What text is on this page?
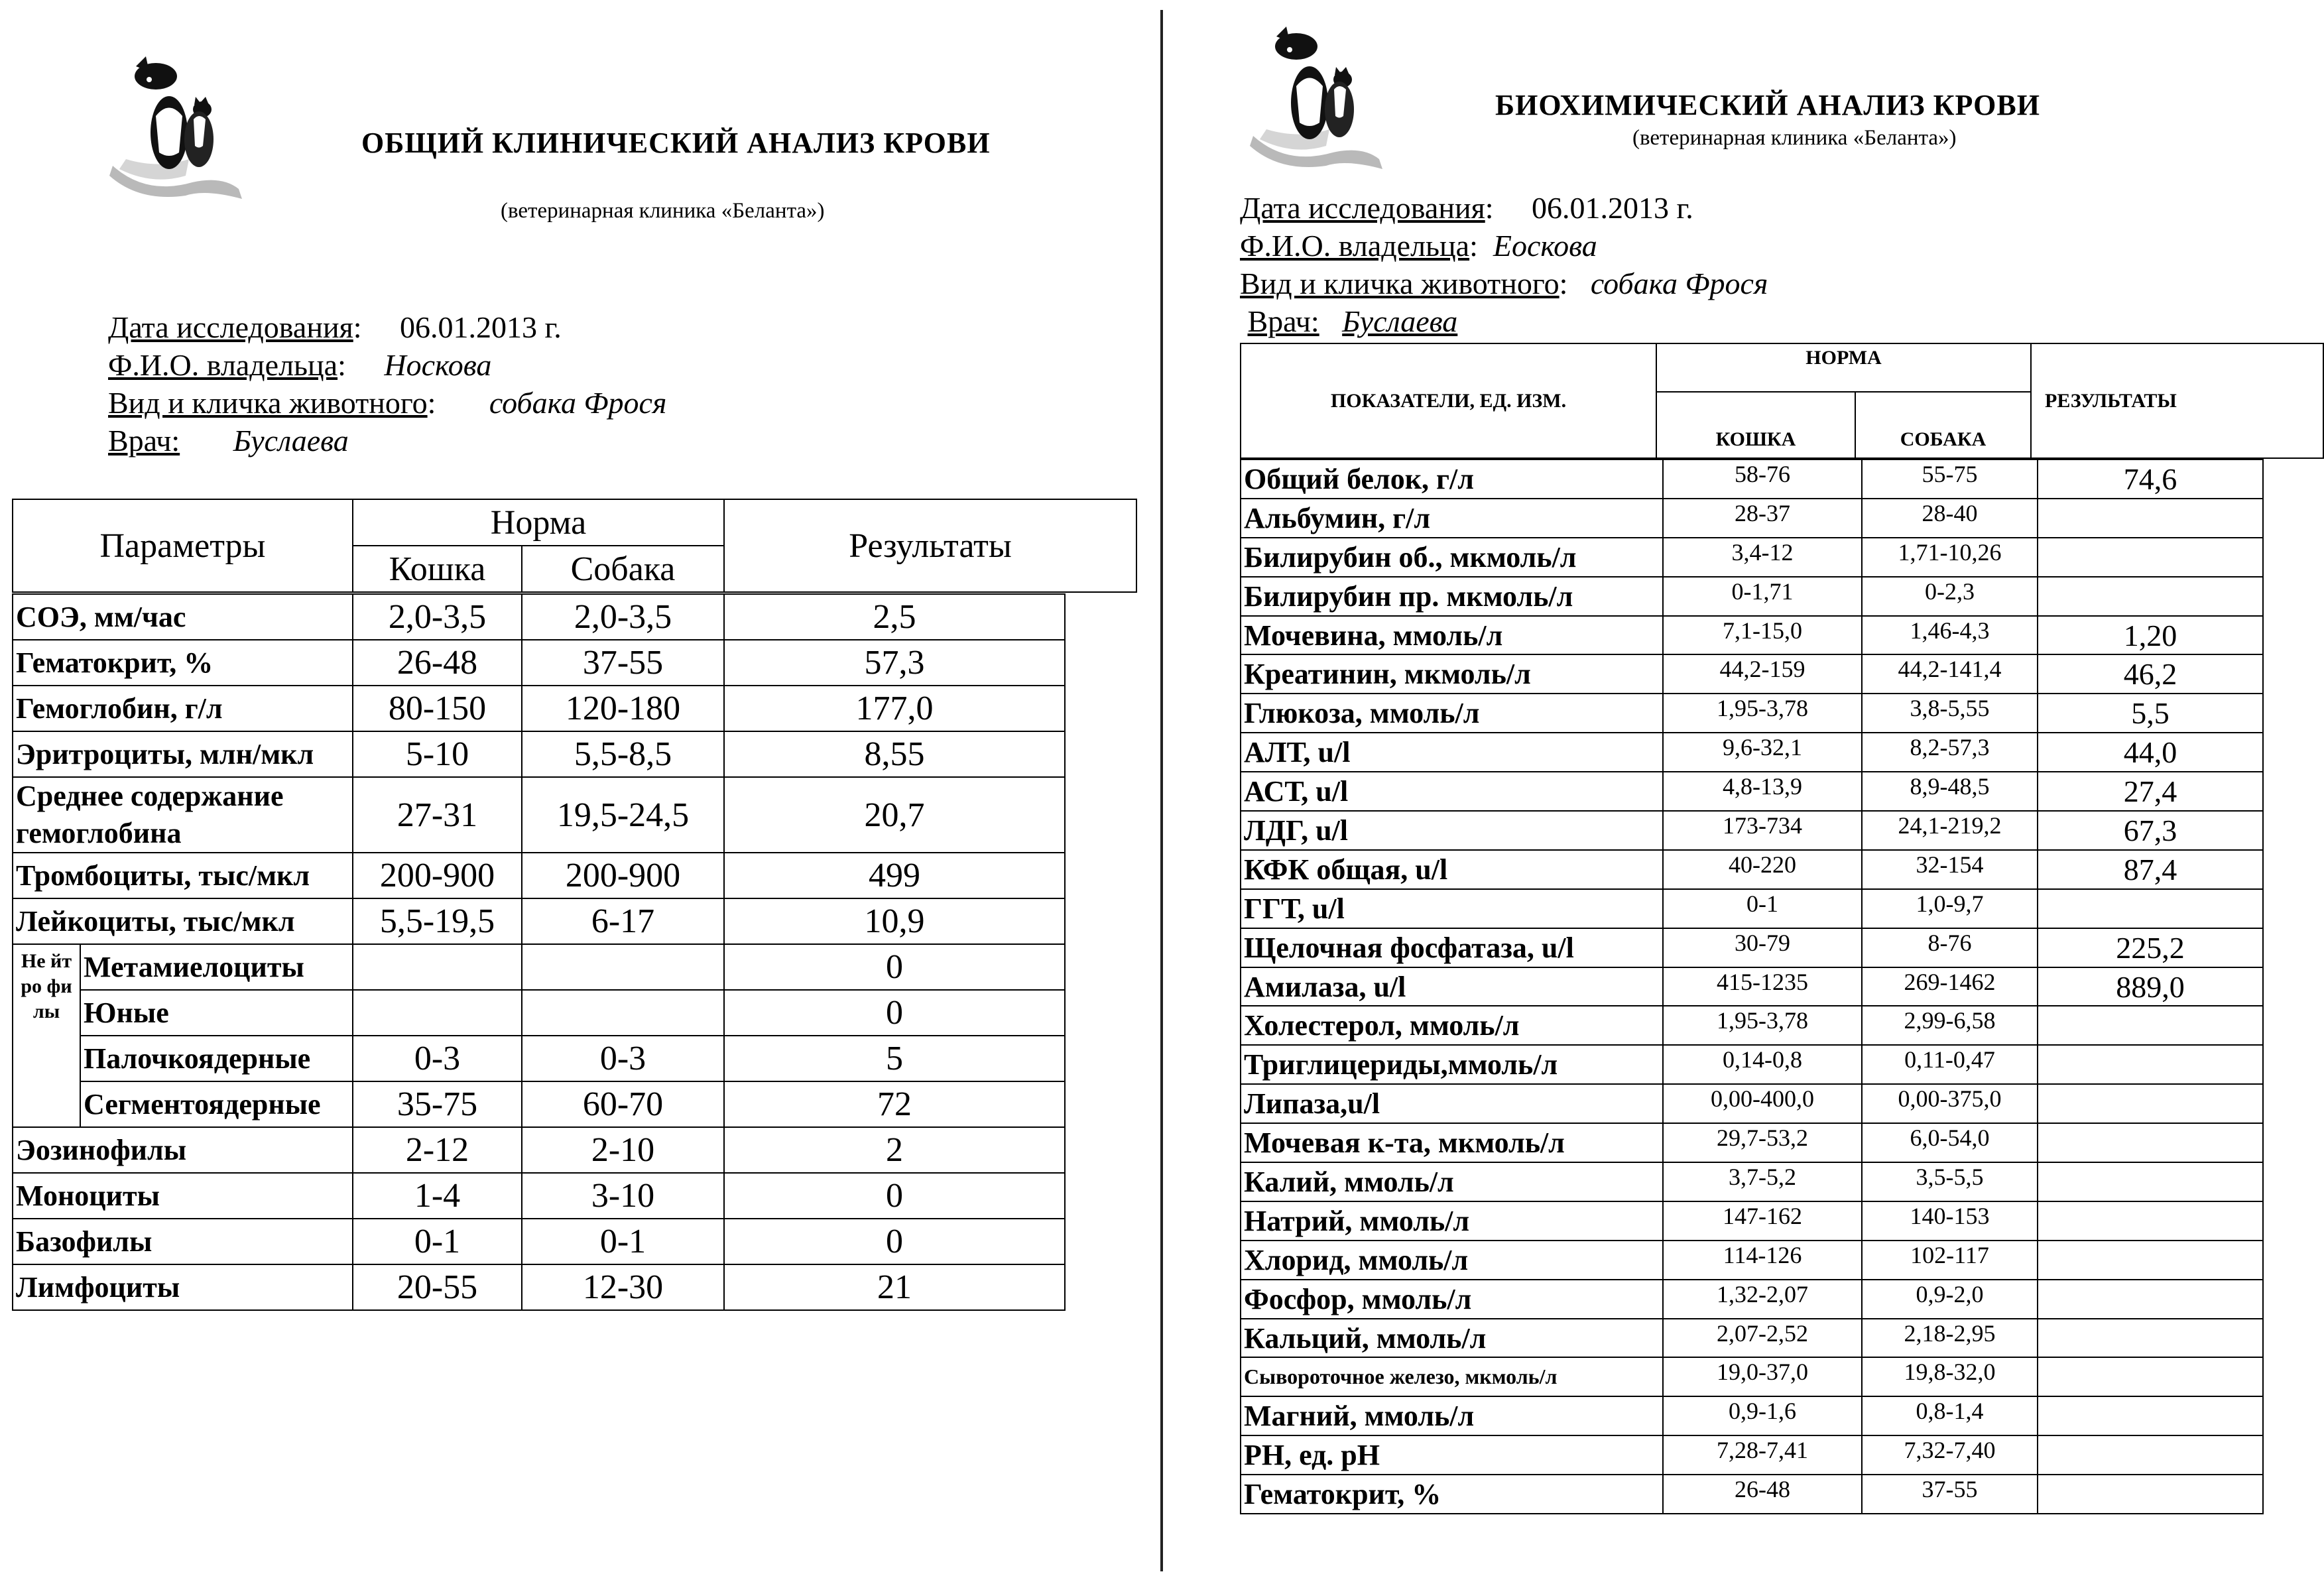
ОБЩИЙ КЛИНИЧЕСКИЙ АНАЛИЗ КРОВИ
(ветеринарная клиника «Беланта»)
Дата исследования:     06.01.2013 г.
Ф.И.О. владельца:     Носкова
Вид и кличка животного:       собака Фрося
Врач: Буслаева
Параметры	Норма		Результаты
	Кошка	Собака	
СОЭ, мм/час		2,0-3,5	2,0-3,5	2,5
Гематокрит, %		26-48	37-55	57,3
Гемоглобин, г/л		80-150	120-180	177,0
Эритроциты, млн/мкл		5-10	5,5-8,5	8,55
Среднее содержание гемоглобина		27-31	19,5-24,5	20,7
Тромбоциты, тыс/мкл		200-900	200-900	499
Лейкоциты, тыс/мкл		5,5-19,5	6-17	10,9
Не йт ро фи лы	Метамиелоциты			0
	Юные			0
	Палочкоядерные	0-3	0-3	5
	Сегментоядерные	35-75	60-70	72
Эозинофилы		2-12	2-10	2
Моноциты		1-4	3-10	0
Базофилы		0-1	0-1	0
Лимфоциты		20-55	12-30	21
БИОХИМИЧЕСКИЙ АНАЛИЗ КРОВИ
(ветеринарная клиника «Беланта»)
Дата исследования:     06.01.2013 г.
Ф.И.О. владельца:  Еоскова
Вид и кличка животного:   собака Фрося
Врач: Буслаева
ПОКАЗАТЕЛИ, ЕД. ИЗМ.	НОРМА		РЕЗУЛЬТАТЫ
	КОШКА	СОБАКА	
Общий белок, г/л	58-76	55-75	74,6
Альбумин, г/л	28-37	28-40	
Билирубин об., мкмоль/л	3,4-12	1,71-10,26	
Билирубин пр. мкмоль/л	0-1,71	0-2,3	
Мочевина, ммоль/л	7,1-15,0	1,46-4,3	1,20
Креатинин, мкмоль/л	44,2-159	44,2-141,4	46,2
Глюкоза, ммоль/л	1,95-3,78	3,8-5,55	5,5
АЛТ, u/l	9,6-32,1	8,2-57,3	44,0
АСТ, u/l	4,8-13,9	8,9-48,5	27,4
ЛДГ, u/l	173-734	24,1-219,2	67,3
КФК общая, u/l	40-220	32-154	87,4
ГГТ, u/l	0-1	1,0-9,7	
Щелочная фосфатаза, u/l	30-79	8-76	225,2
Амилаза, u/l	415-1235	269-1462	889,0
Холестерол, ммоль/л	1,95-3,78	2,99-6,58	
Триглицериды,ммоль/л	0,14-0,8	0,11-0,47	
Липаза,u/l	0,00-400,0	0,00-375,0	
Мочевая к-та, мкмоль/л	29,7-53,2	6,0-54,0	
Калий, ммоль/л	3,7-5,2	3,5-5,5	
Натрий, ммоль/л	147-162	140-153	
Хлорид, ммоль/л	114-126	102-117	
Фосфор, ммоль/л	1,32-2,07	0,9-2,0	
Кальций, ммоль/л	2,07-2,52	2,18-2,95	
Сывороточное железо, мкмоль/л	19,0-37,0	19,8-32,0	
Магний, ммоль/л	0,9-1,6	0,8-1,4	
РН, ед. рН	7,28-7,41	7,32-7,40	
Гематокрит, %	26-48	37-55	
